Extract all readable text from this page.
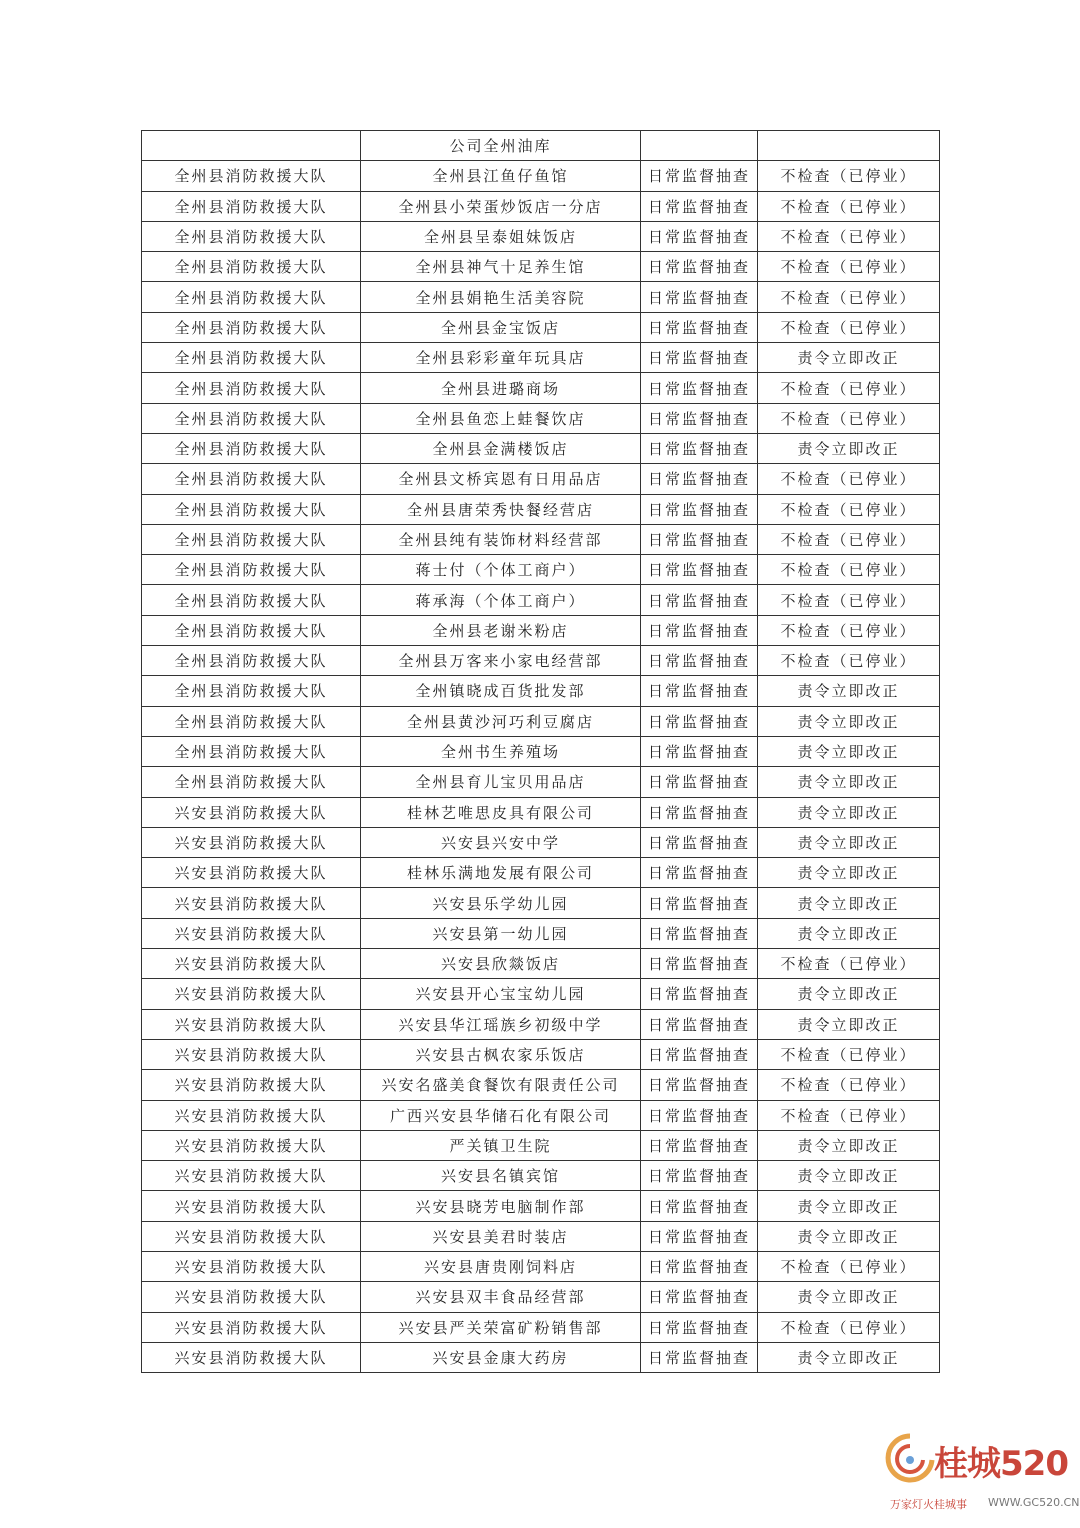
	公司全州油库		
全州县消防救援大队	全州县江鱼仔鱼馆	日常监督抽查	不检查（已停业）
全州县消防救援大队	全州县小荣蛋炒饭店一分店	日常监督抽查	不检查（已停业）
全州县消防救援大队	全州县呈泰姐妹饭店	日常监督抽查	不检查（已停业）
全州县消防救援大队	全州县神气十足养生馆	日常监督抽查	不检查（已停业）
全州县消防救援大队	全州县娟艳生活美容院	日常监督抽查	不检查（已停业）
全州县消防救援大队	全州县金宝饭店	日常监督抽查	不检查（已停业）
全州县消防救援大队	全州县彩彩童年玩具店	日常监督抽查	责令立即改正
全州县消防救援大队	全州县进璐商场	日常监督抽查	不检查（已停业）
全州县消防救援大队	全州县鱼恋上蛙餐饮店	日常监督抽查	不检查（已停业）
全州县消防救援大队	全州县金满楼饭店	日常监督抽查	责令立即改正
全州县消防救援大队	全州县文桥宾恩有日用品店	日常监督抽查	不检查（已停业）
全州县消防救援大队	全州县唐荣秀快餐经营店	日常监督抽查	不检查（已停业）
全州县消防救援大队	全州县纯有装饰材料经营部	日常监督抽查	不检查（已停业）
全州县消防救援大队	蒋士付（个体工商户）	日常监督抽查	不检查（已停业）
全州县消防救援大队	蒋承海（个体工商户）	日常监督抽查	不检查（已停业）
全州县消防救援大队	全州县老谢米粉店	日常监督抽查	不检查（已停业）
全州县消防救援大队	全州县万客来小家电经营部	日常监督抽查	不检查（已停业）
全州县消防救援大队	全州镇晓成百货批发部	日常监督抽查	责令立即改正
全州县消防救援大队	全州县黄沙河巧利豆腐店	日常监督抽查	责令立即改正
全州县消防救援大队	全州书生养殖场	日常监督抽查	责令立即改正
全州县消防救援大队	全州县育儿宝贝用品店	日常监督抽查	责令立即改正
兴安县消防救援大队	桂林艺唯思皮具有限公司	日常监督抽查	责令立即改正
兴安县消防救援大队	兴安县兴安中学	日常监督抽查	责令立即改正
兴安县消防救援大队	桂林乐满地发展有限公司	日常监督抽查	责令立即改正
兴安县消防救援大队	兴安县乐学幼儿园	日常监督抽查	责令立即改正
兴安县消防救援大队	兴安县第一幼儿园	日常监督抽查	责令立即改正
兴安县消防救援大队	兴安县欣燚饭店	日常监督抽查	不检查（已停业）
兴安县消防救援大队	兴安县开心宝宝幼儿园	日常监督抽查	责令立即改正
兴安县消防救援大队	兴安县华江瑶族乡初级中学	日常监督抽查	责令立即改正
兴安县消防救援大队	兴安县古枫农家乐饭店	日常监督抽查	不检查（已停业）
兴安县消防救援大队	兴安名盛美食餐饮有限责任公司	日常监督抽查	不检查（已停业）
兴安县消防救援大队	广西兴安县华储石化有限公司	日常监督抽查	不检查（已停业）
兴安县消防救援大队	严关镇卫生院	日常监督抽查	责令立即改正
兴安县消防救援大队	兴安县名镇宾馆	日常监督抽查	责令立即改正
兴安县消防救援大队	兴安县晓芳电脑制作部	日常监督抽查	责令立即改正
兴安县消防救援大队	兴安县美君时装店	日常监督抽查	责令立即改正
兴安县消防救援大队	兴安县唐贵刚饲料店	日常监督抽查	不检查（已停业）
兴安县消防救援大队	兴安县双丰食品经营部	日常监督抽查	责令立即改正
兴安县消防救援大队	兴安县严关荣富矿粉销售部	日常监督抽查	不检查（已停业）
兴安县消防救援大队	兴安县金康大药房	日常监督抽查	责令立即改正
桂城520
万家灯火桂城事 WWW.GC520.CN
